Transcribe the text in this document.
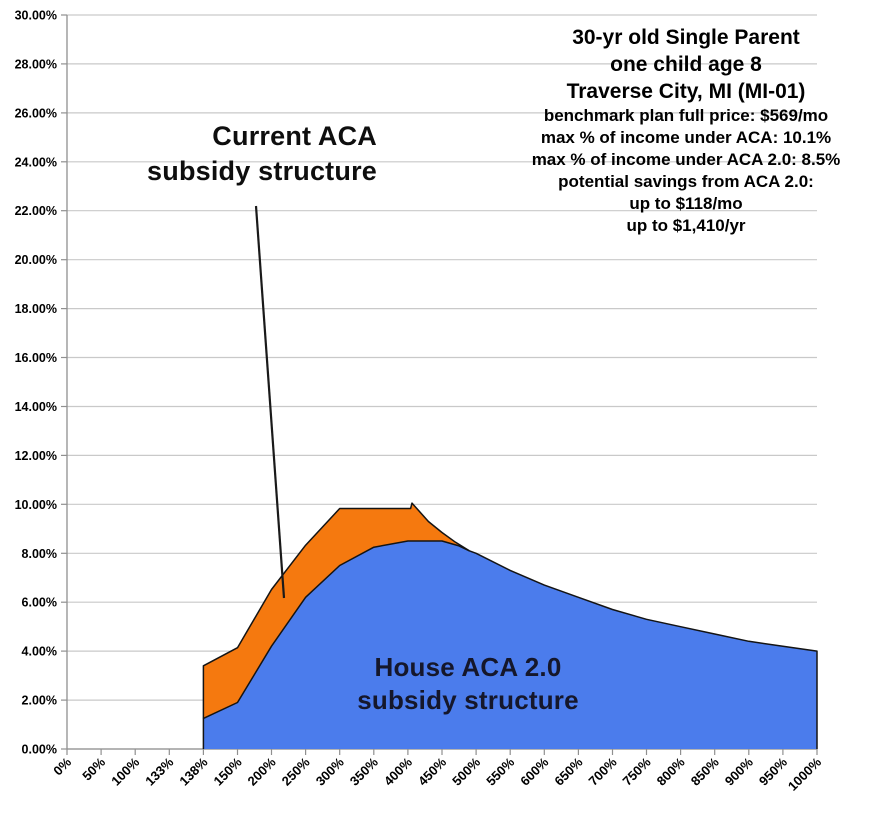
0.00%
2.00%
4.00%
6.00%
8.00%
10.00%
12.00%
14.00%
16.00%
18.00%
20.00%
22.00%
24.00%
26.00%
28.00%
30.00%
0% 50% 100% 133% 138% 150% 200% 250% 300% 350% 400% 450% 500% 550% 600% 650% 700% 750% 800% 850% 900% 950%
1000%
Current ACA
subsidy structure
House ACA 2.0
subsidy structure
30-yr old Single Parent
one child age 8
Traverse City, MI (MI-01)
benchmark plan full price: $569/mo
max % of income under ACA: 10.1%
max % of income under ACA 2.0: 8.5%
potential savings from ACA 2.0:
up to $118/mo
up to $1,410/yr
